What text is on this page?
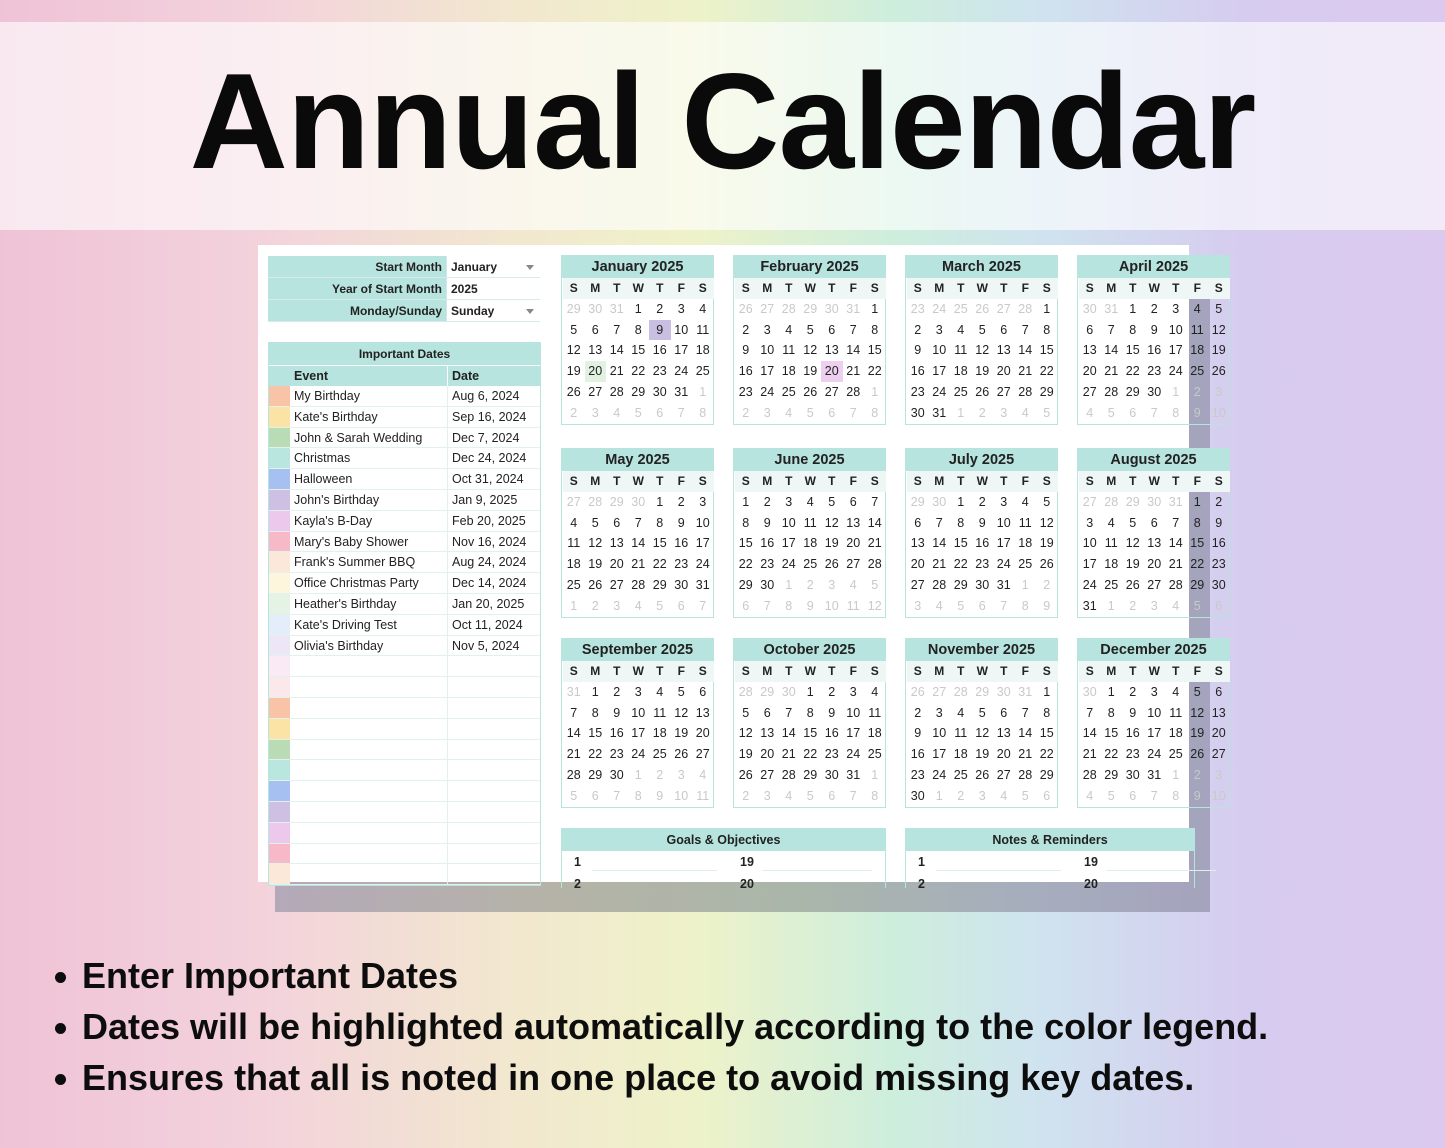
Annual Calendar
Start Month January
Year of Start Month 2025
Monday/Sunday Sunday
Important Dates
Event	Date
My Birthday	Aug 6, 2024
Kate's Birthday	Sep 16, 2024
John & Sarah Wedding	Dec 7, 2024
Christmas	Dec 24, 2024
Halloween	Oct 31, 2024
John's Birthday	Jan 9, 2025
Kayla's B-Day	Feb 20, 2025
Mary's Baby Shower	Nov 16, 2024
Frank's Summer BBQ	Aug 24, 2024
Office Christmas Party	Dec 14, 2024
Heather's Birthday	Jan 20, 2025
Kate's Driving Test	Oct 11, 2024
Olivia's Birthday	Nov 5, 2024
January 2025
S	M	T	W	T	F	S
29 30 31 1	2	3	4
5	6	7	8	9 10 11
12 13 14 15 16 17 18
19 20 21 22 23 24 25
26 27 28 29 30 31 1
2	3	4	5	6	7	8
February 2025
S	M	T	W	T	F	S
26 27 28 29 30 31 1
2	3	4	5	6	7	8
9 10 11 12 13 14 15
16 17 18 19 20 21 22
23 24 25 26 27 28 1
2	3	4	5	6	7	8
March 2025
S	M	T	W	T	F	S
23 24 25 26 27 28 1
2	3	4	5	6	7	8
9 10 11 12 13 14 15
16 17 18 19 20 21 22
23 24 25 26 27 28 29
30 31 1	2	3	4	5
April 2025
S	M	T	W	T	F	S
30 31 1	2	3	4	5
6	7	8	9 10 11 12
13 14 15 16 17 18 19
20 21 22 23 24 25 26
27 28 29 30 1	2	3
4	5	6	7	8	9 10
May 2025
S	M	T	W	T	F	S
27 28 29 30 1	2	3
4	5	6	7	8	9 10
11 12 13 14 15 16 17
18 19 20 21 22 23 24
25 26 27 28 29 30 31
1	2	3	4	5	6	7
June 2025
S	M	T	W	T	F	S
1	2	3	4	5	6	7
8	9 10 11 12 13 14
15 16 17 18 19 20 21
22 23 24 25 26 27 28
29 30 1	2	3	4	5
6	7	8	9 10 11 12
July 2025
S	M	T	W	T	F	S
29 30 1	2	3	4	5
6	7	8	9 10 11 12
13 14 15 16 17 18 19
20 21 22 23 24 25 26
27 28 29 30 31 1	2
3	4	5	6	7	8	9
August 2025
S	M	T	W	T	F	S
27 28 29 30 31 1	2
3	4	5	6	7	8	9
10 11 12 13 14 15 16
17 18 19 20 21 22 23
24 25 26 27 28 29 30
31 1	2	3	4	5	6
September 2025
S	M	T	W	T	F	S
31 1	2	3	4	5	6
7	8	9 10 11 12 13
14 15 16 17 18 19 20
21 22 23 24 25 26 27
28 29 30 1	2	3	4
5	6	7	8	9 10 11
October 2025
S	M	T	W	T	F	S
28 29 30 1	2	3	4
5	6	7	8	9 10 11
12 13 14 15 16 17 18
19 20 21 22 23 24 25
26 27 28 29 30 31 1
2	3	4	5	6	7	8
November 2025
S	M	T	W	T	F	S
26 27 28 29 30 31 1
2	3	4	5	6	7	8
9 10 11 12 13 14 15
16 17 18 19 20 21 22
23 24 25 26 27 28 29
30 1	2	3	4	5	6
December 2025
S	M	T	W	T	F	S
30 1	2	3	4	5	6
7	8	9 10 11 12 13
14 15 16 17 18 19 20
21 22 23 24 25 26 27
28 29 30 31 1	2	3
4	5	6	7	8	9 10
Goals & Objectives
1	19
2	20
Notes & Reminders
1	19
2	20
Enter Important Dates
Dates will be highlighted automatically according to the color legend.
Ensures that all is noted in one place to avoid missing key dates.
